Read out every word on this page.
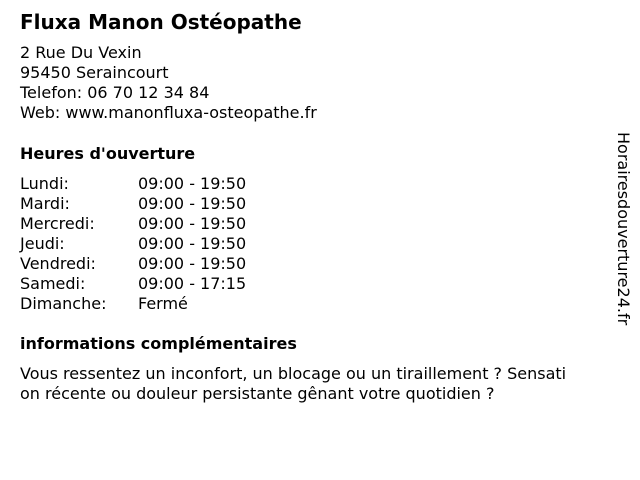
Fluxa Manon Ostéopathe
2 Rue Du Vexin
95450 Seraincourt
Telefon: 06 70 12 34 84
Web: www.manonfluxa-osteopathe.fr
Heures d'ouverture
Lundi:	09:00 - 19:50
Mardi:	09:00 - 19:50
Mercredi:	09:00 - 19:50
Jeudi:	09:00 - 19:50
Vendredi:	09:00 - 19:50
Samedi:	09:00 - 17:15
Dimanche: Fermé
informations complémentaires
Vous ressentez un inconfort, un blocage ou un tiraillement ? Sensati
on récente ou douleur persistante gênant votre quotidien ?
Horairesdouverture24.fr
